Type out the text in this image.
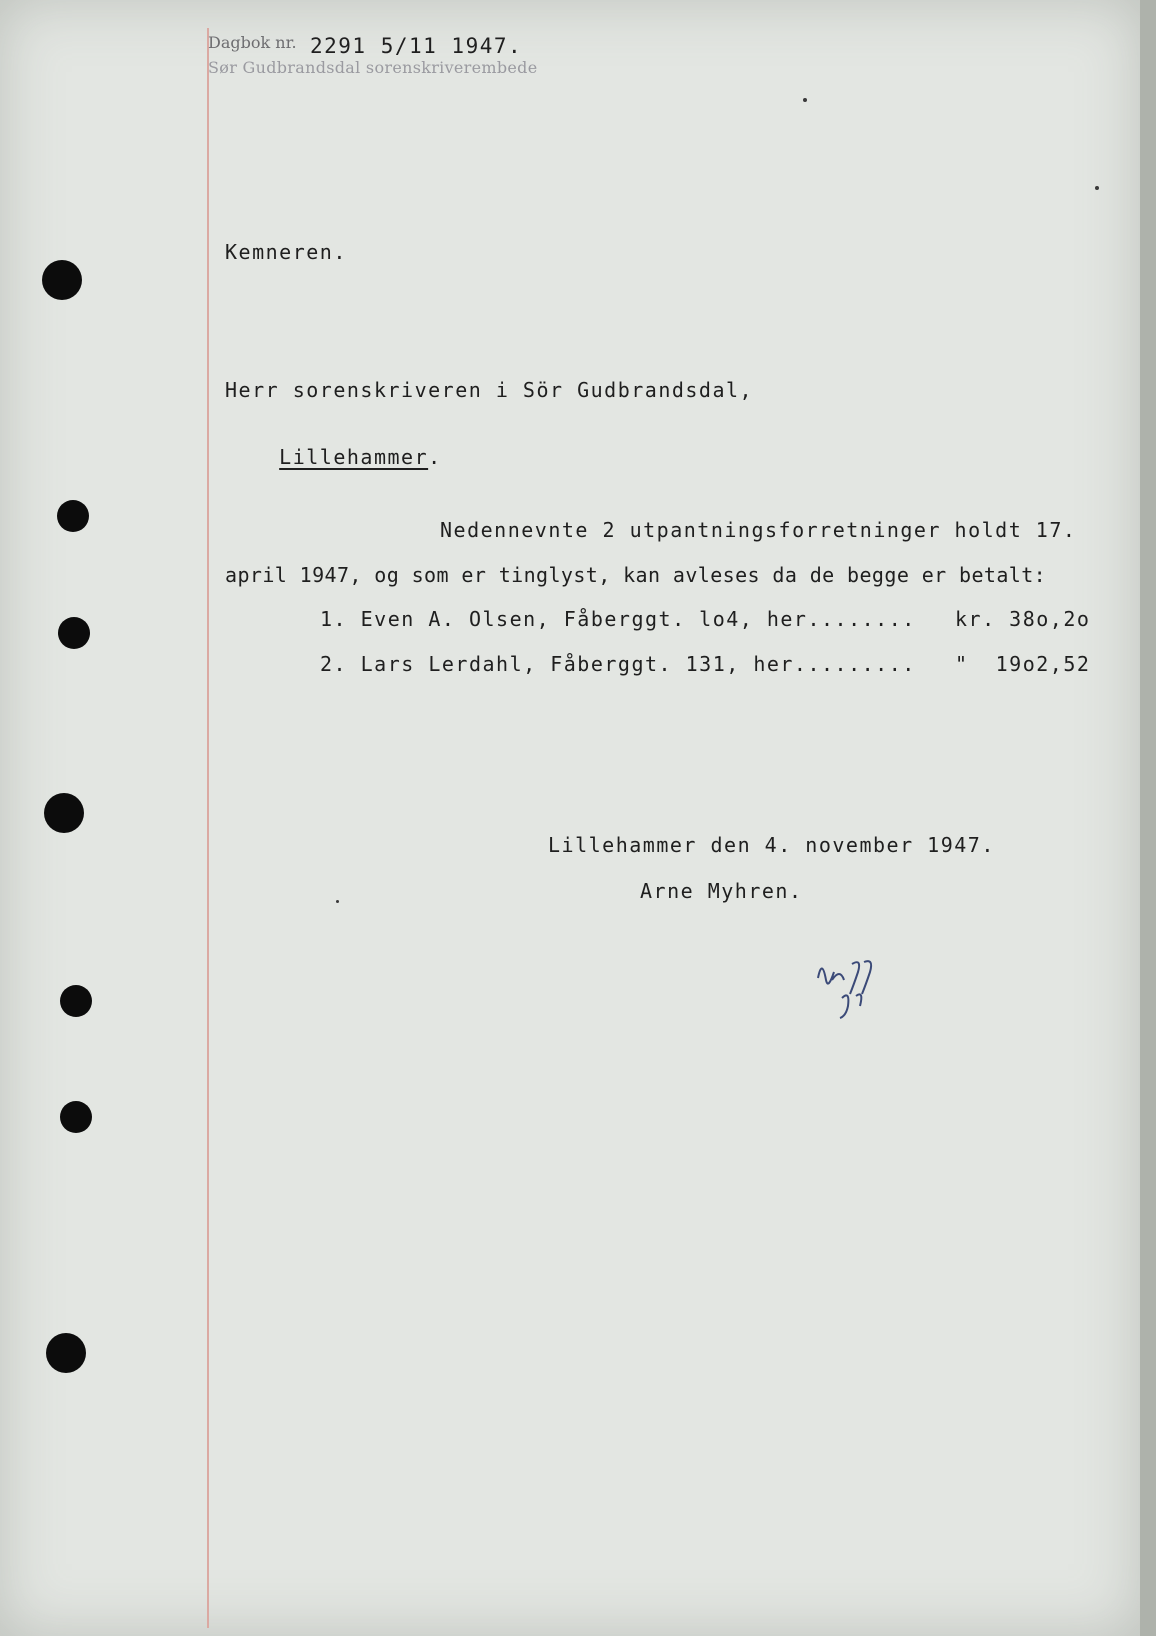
Dagbok nr. 2291 5/11 1947.
Sør Gudbrandsdal sorenskriverembede
Kemneren.
Herr sorenskriveren i Sör Gudbrandsdal,

Lillehammer.

Nedennevnte 2 utpantningsforretninger holdt 17.
april 1947, og som er tinglyst, kan avleses da de begge er betalt:
1. Even A. Olsen, Fåberggt. lo4, her........ kr. 38o,2o
2. Lars Lerdahl, Fåberggt. 131, her......... "  19o2,52
Lillehammer den 4. november 1947.
Arne Myhren.
